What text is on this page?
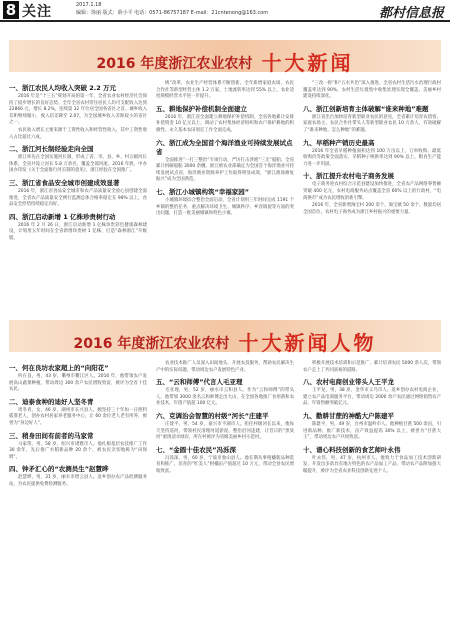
8 关注	2017.1.18
编辑：徐丽 版式：薛小平 电话：0571-86757187 E-mail：21cntenong@163.com	都村信息报
2016 年度浙江农业农村 十大新闻
一、浙江农民人均收入突破 2.2 万元
2016 年是“十三五”规划开局的第一年，全省农业农村经济社会保持了稳步增长的良好态势。全年全省农村常住居民人均可支配收入达到 22866 元，增长 8.2%，连续第 32 年位居全国各省区之首。城乡收入差距继续缩小，收入倍差降至 2.07，为全国城乡收入差距较小的省区之一。
农民收入增长主要来源于工资性收入和经营性收入，其中工资性收入占比超过六成。
二、浙江河长制经验走向全国
浙江率先在全国实施河长制，形成了省、市、县、乡、村五级河长体系，全省共设立河长 5.8 万余名，覆盖全部河流。2016 年底，中办国办印发《关于全面推行河长制的意见》，浙江经验在全国推广。
三、浙江省食品安全城市创建成效显著
2016 年，浙江省食品安全城市和农产品质量安全放心县创建全面推进，全省农产品质量安全例行监测总体合格率稳定在 98% 以上，食品安全形势持续稳定向好。
四、浙江启动新增 1 亿株珍贵树行动
2016 年 2 月 26 日，浙江启动新增 1 亿株珍贵彩色健康森林建设，计划用五年时间在全省新增珍贵树 1 亿株，打造“森林浙江”升级版。
统”改革，农业生产经营体系不断创新。全年新增家庭农场、农民合作社等新型经营主体 1.2 万家，土地流转率达到 55% 以上，农业适度规模经营水平进一步提升。
五、耕地保护补偿机制全面建立
2016 年，浙江省全面建立耕地保护补偿机制，全省各地累计安排补偿资金 10 亿元以上，调动了农村集体经济组织和农户保护耕地的积极性。永久基本农田划定工作全面完成。
六、浙江成为全国首个海洋渔业可持续发展试点省
全面推进“一打三整治”专项行动，严厉打击涉渔“三无”船舶，全省累计拆解船舶 3000 余艘。浙江被农业部确定为全国首个海洋渔业可持续发展试点省，海洋渔业资源养护工作取得明显成效，“浙江渔场修复振兴”成为全国典范。
七、浙江小城镇构筑“幸福家园”
小城镇环境综合整治全面启动，全省计划用三年时间完成 1191 个乡镇的整治任务，重点解决环境卫生、城镇秩序、乡容镇貌等方面的突出问题，打造一批美丽城镇和特色小镇。
“三改一拆”和“五水共治”深入推进，全省农村生活污水治理行政村覆盖率达到 90%，农村生活垃圾集中收集处理实现全覆盖，美丽乡村建设持续深化。
八、浙江创新培育主体破解“谁来种地”难题
浙江省出台加快培育新型职业农民的意见，全省累计培育农创客、家庭农场主、农民合作社带头人等新型职业农民 10 万余人，有效破解了“谁来种地、怎么种地”的难题。
九、早稻种产销历史最高
2016 年全省早稻种植面积达到 100 万亩以上，订单收购、最低收购价等政策全面落实，早稻种子统供率达到 90% 以上，粮食生产能力进一步巩固。
十、浙江提升农村电子商务发展
电子商务进农村综合示范县建设加快推进，全省农产品网络零售额突破 400 亿元，农村电商服务站点覆盖全省 60% 以上的行政村，“电商换市”成为农民增收的新引擎。
2016 年，全省新增淘宝村 200 余个、淘宝镇 50 余个，数量均居全国首位，农村电子商务成为浙江乡村振兴的重要力量。
2016 年度浙江农业农村 十大新闻人物
一、何在良坊农家超上的“向阳花”
何在良，男，43 岁，衢州市衢江区人。2016 年，他带领农户发展高山蔬菜种植，带动周边 300 余户农民增收致富，被评为全省十佳农民。
二、迪泰食种的迪好人坚冬青
周冬青，女，46 岁，湖州市长兴县人。她坚持三十年如一日照料孤寡老人，创办农村居家养老服务中心，让 60 余位老人老有所养，被誉为“身边好人”。
三、稍身田间有前者的马家常
马家常，男，58 岁，绍兴市诸暨市人。他扎根基层农技推广工作 30 余年，先后推广水稻新品种 20 余个，被农民亲切地称为“田保姆”。
四、钟矛汇心的“农测员生”赵慧晔
赵慧晔，男，31 岁，丽水市缙云县人。返乡创办农产品检测服务站，为农民提供免费检测服务。
农业技术推广人员深入田间地头，开展农技服务，帮助农民解决生产中的实际问题，带动周边农户发展特色产业。
五、“云和师傅”代言人毛亚理
毛亚理，男，52 岁，丽水市云和县人。作为“云和师傅”的带头人，他带领 3000 余名云和师傅走出大山，在全国各地推广食用菌和农业技术，年创产值超 100 亿元。
六、克调治会智慧的村级“河长”庄建平
庄建平，男，54 岁，嘉兴市平湖市人。担任村级河长以来，他每天坚持巡河，带领村民清理河道淤泥、整治沿河违建，让昔日的“黑臭河”重现清水绿岸，所在村被评为省级美丽乡村示范村。
七、“金圆十佳农民”冯泺深
冯泺深，男，60 岁，宁波市象山县人。他长期从事柑橘新品种选育和推广，培育的“红美人”柑橘亩产值超过 10 万元，带动全县农民增收致富。
积极开展技术培训和示范推广，累计培训农民 5000 余人次，带领农户走上了共同富裕的道路。
八、农村电商创业带头人王平龙
王平龙，男，38 岁，金华市义乌市人。返乡创办农村电商企业，建立农产品电商服务平台，带动周边 2000 余户农民通过网络销售农产品，年销售额突破亿元。
九、勤耕甘蔗的神酷大户陈建平
陈建平，男，49 岁，台州市温岭市人。他种植甘蔗 500 余亩，引进新品种、推广新技术，亩产效益提高 30% 以上，被誉为“甘蔗大王”，带动周边农户共同致富。
十、谱心料技创新的食艺师叶永伟
叶永伟，男，47 岁，杭州市人。他致力于食品加工技术创新研发，开发出多款具有地方特色的农产品加工产品，带动农产品附加值大幅提升，被评为全省农业科技创新先进个人。
